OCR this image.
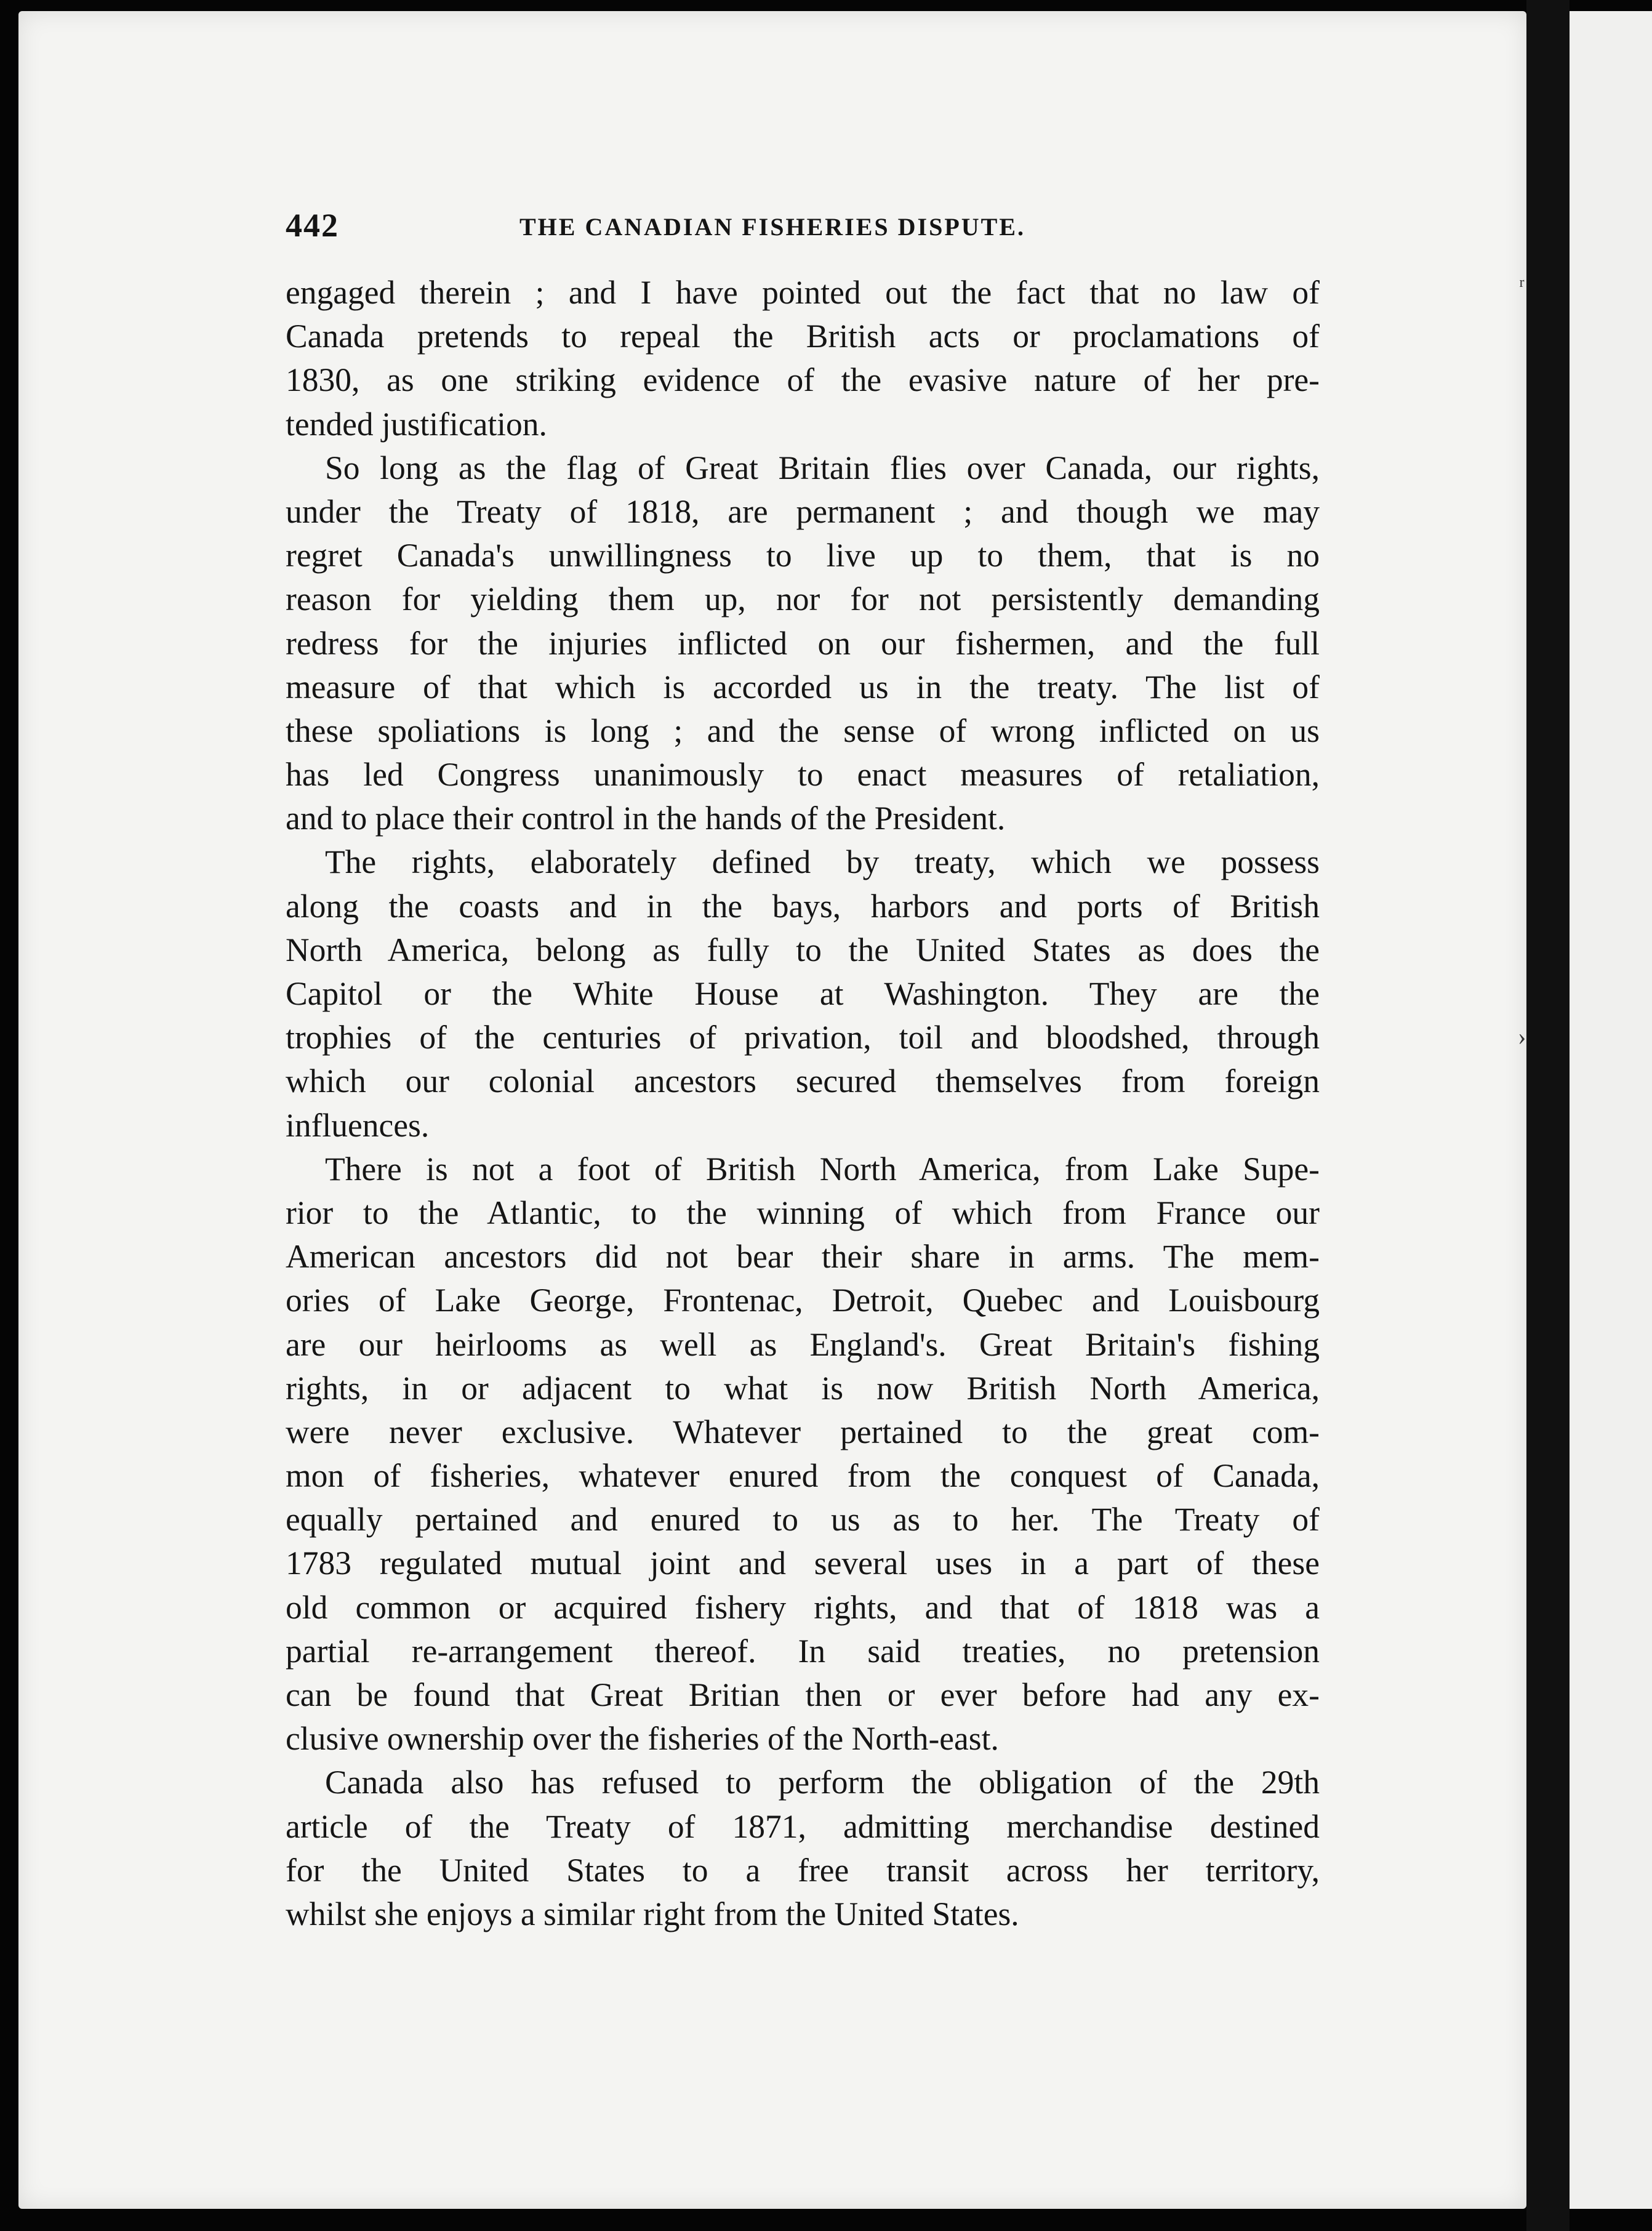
ʳ
›
442	THE CANADIAN FISHERIES DISPUTE.
engaged therein ; and I have pointed out the fact that no law of
Canada pretends to repeal the British acts or proclamations of
1830, as one striking evidence of the evasive nature of her pre-
tended justification.
So long as the flag of Great Britain flies over Canada, our rights,
under the Treaty of 1818, are permanent ; and though we may
regret Canada's unwillingness to live up to them, that is no
reason for yielding them up, nor for not persistently demanding
redress for the injuries inflicted on our fishermen, and the full
measure of that which is accorded us in the treaty. The list of
these spoliations is long ; and the sense of wrong inflicted on us
has led Congress unanimously to enact measures of retaliation,
and to place their control in the hands of the President.
The rights, elaborately defined by treaty, which we possess
along the coasts and in the bays, harbors and ports of British
North America, belong as fully to the United States as does the
Capitol or the White House at Washington. They are the
trophies of the centuries of privation, toil and bloodshed, through
which our colonial ancestors secured themselves from foreign
influences.
There is not a foot of British North America, from Lake Supe-
rior to the Atlantic, to the winning of which from France our
American ancestors did not bear their share in arms. The mem-
ories of Lake George, Frontenac, Detroit, Quebec and Louisbourg
are our heirlooms as well as England's. Great Britain's fishing
rights, in or adjacent to what is now British North America,
were never exclusive. Whatever pertained to the great com-
mon of fisheries, whatever enured from the conquest of Canada,
equally pertained and enured to us as to her. The Treaty of
1783 regulated mutual joint and several uses in a part of these
old common or acquired fishery rights, and that of 1818 was a
partial re-arrangement thereof. In said treaties, no pretension
can be found that Great Britian then or ever before had any ex-
clusive ownership over the fisheries of the North-east.
Canada also has refused to perform the obligation of the 29th
article of the Treaty of 1871, admitting merchandise destined
for the United States to a free transit across her territory,
whilst she enjoys a similar right from the United States.
